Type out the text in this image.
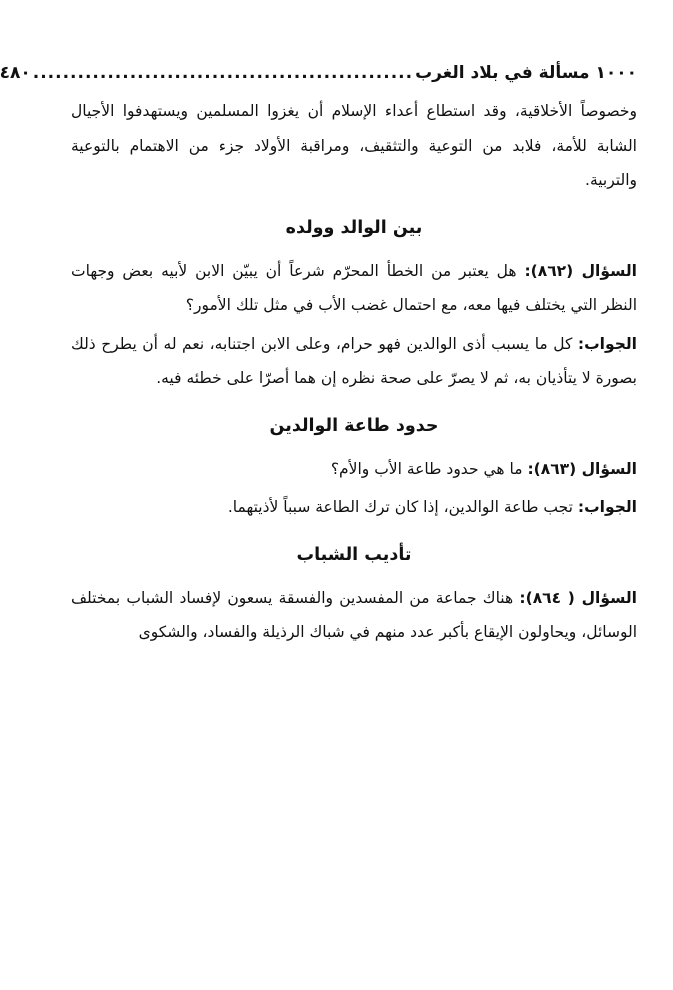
١٠٠٠ مسألة في بلاد الغرب
...................................................
٤٨٠

وخصوصاً الأخلاقية، وقد استطاع أعداء الإسلام أن يغزوا المسلمين ويستهدفوا الأجيال الشابة للأمة، فلابد من التوعية والتثقيف، ومراقبة الأولاد جزء من الاهتمام بالتوعية والتربية.

بين الوالد وولده

السؤال (٨٦٢): هل يعتبر من الخطأ المحرّم شرعاً أن يبيّن الابن لأبيه بعض وجهات النظر التي يختلف فيها معه، مع احتمال غضب الأب في مثل تلك الأمور؟

الجواب: كل ما يسبب أذى الوالدين فهو حرام، وعلى الابن اجتنابه، نعم له أن يطرح ذلك بصورة لا يتأذيان به، ثم لا يصرّ على صحة نظره إن هما أصرّا على خطئه فيه.

حدود طاعة الوالدين

السؤال (٨٦٣): ما هي حدود طاعة الأب والأم؟

الجواب: تجب طاعة الوالدين، إذا كان ترك الطاعة سبباً لأذيتهما.

تأديب الشباب

السؤال ( ٨٦٤): هناك جماعة من المفسدين والفسقة يسعون لإفساد الشباب بمختلف الوسائل، ويحاولون الإيقاع بأكبر عدد منهم في شباك الرذيلة والفساد، والشكوى
